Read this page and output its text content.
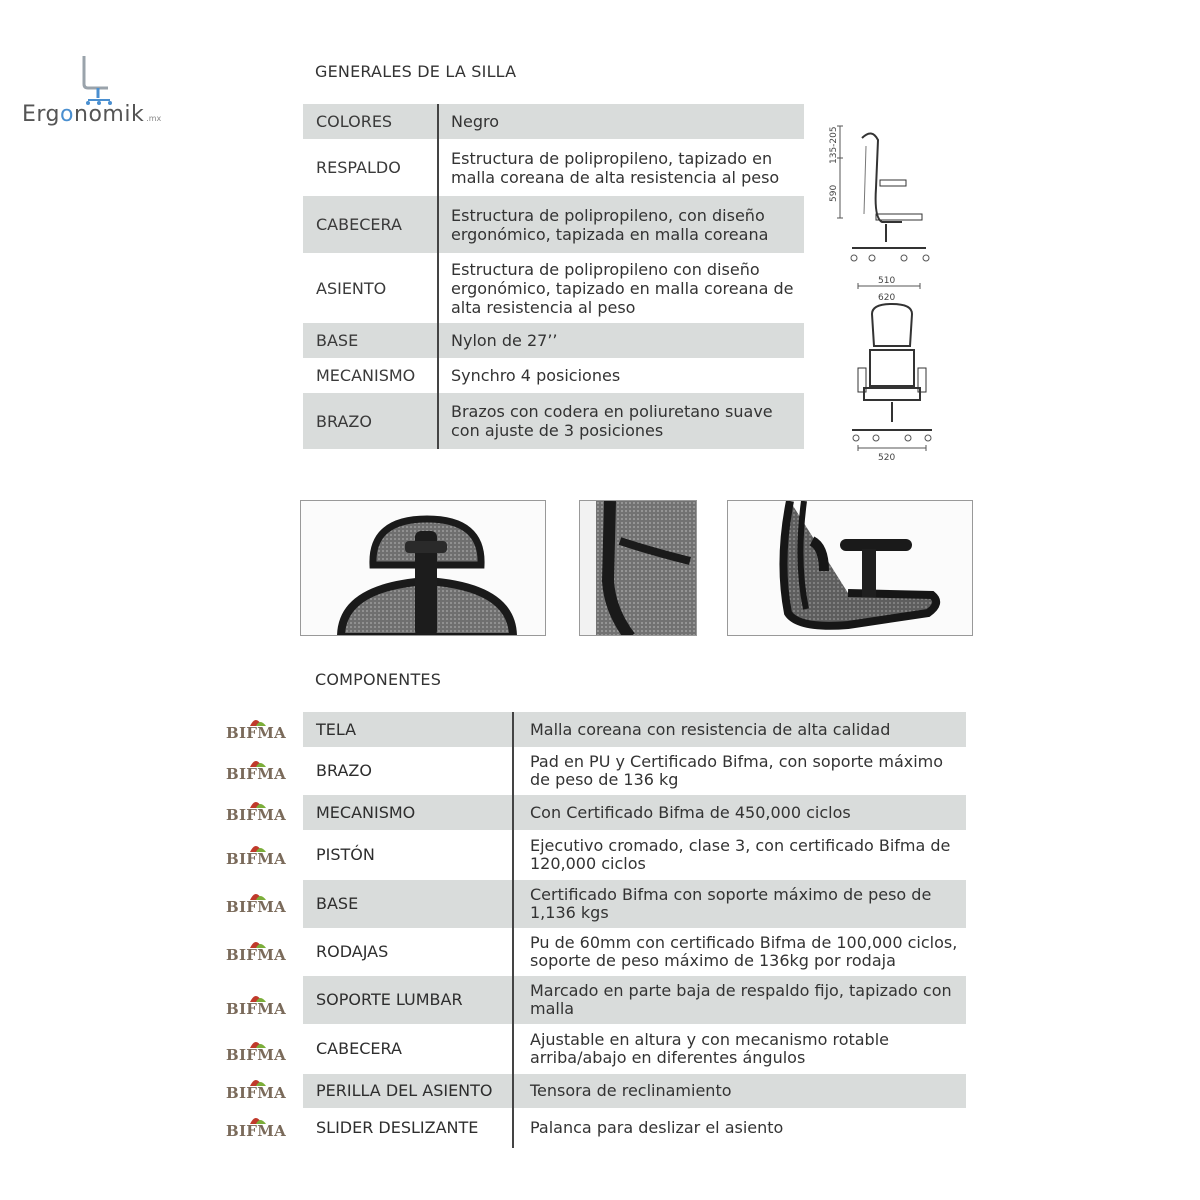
Ergonomik .mx
GENERALES DE LA SILLA
COLORES	Negro
RESPALDO	Estructura de polipropileno, tapizado en malla coreana de alta resistencia al peso
CABECERA	Estructura de polipropileno, con diseño ergonómico, tapizada en malla coreana
ASIENTO	Estructura de polipropileno con diseño ergonómico, tapizado en malla coreana de alta resistencia al peso
BASE	Nylon de 27’’
MECANISMO	Synchro 4 posiciones
BRAZO	Brazos con codera en poliuretano suave con ajuste de 3 posiciones
135-205
590
510
620
520
COMPONENTES
TELA	Malla coreana con resistencia de alta calidad
BRAZO	Pad en PU y Certificado Bifma, con soporte máximo de peso de 136 kg
MECANISMO	Con Certificado Bifma de 450,000 ciclos
PISTÓN	Ejecutivo cromado, clase 3, con certificado Bifma de 120,000 ciclos
BASE	Certificado Bifma con soporte máximo de peso de 1,136 kgs
RODAJAS	Pu de 60mm con certificado Bifma de 100,000 ciclos, soporte de peso máximo de 136kg por rodaja
SOPORTE LUMBAR	Marcado en parte baja de respaldo fijo, tapizado con malla
CABECERA	Ajustable en altura y con mecanismo rotable arriba/abajo en diferentes ángulos
PERILLA DEL ASIENTO	Tensora de reclinamiento
SLIDER DESLIZANTE	Palanca para deslizar el asiento
BIFMA
BIFMA
BIFMA
BIFMA
BIFMA
BIFMA
BIFMA
BIFMA
BIFMA
BIFMA
